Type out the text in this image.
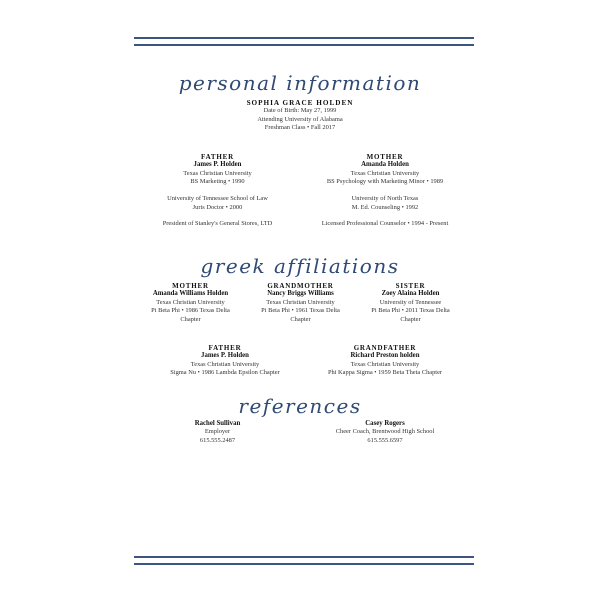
personal information
SOPHIA GRACE HOLDEN
Date of Birth: May 27, 1999
Attending University of Alabama
Freshman Class • Fall 2017
FATHER
James P. Holden
Texas Christian University
BS Marketing • 1990
University of Tennessee School of Law
Juris Doctor • 2000
President of Stanley's General Stores, LTD
MOTHER
Amanda Holden
Texas Christian University
BS Psychology with Marketing Minor • 1989
University of North Texas
M. Ed. Counseling • 1992
Licensed Professional Counselor • 1994 - Present
greek affiliations
MOTHER
Amanda Williams Holden
Texas Christian University
Pi Beta Phi • 1986 Texas Delta
Chapter
GRANDMOTHER
Nancy Briggs Williams
Texas Christian University
Pi Beta Phi • 1961 Texas Delta
Chapter
SISTER
Zoey Alaina Holden
University of Tennessee
Pi Beta Phi • 2011 Texas Delta
Chapter
FATHER
James P. Holden
Texas Christian University
Sigma Nu • 1986 Lambda Epsilon Chapter
GRANDFATHER
Richard Preston holden
Texas Christian University
Phi Kappa Sigma • 1959 Beta Theta Chapter
references
Rachel Sullivan
Employer
615.555.2487
Casey Rogers
Cheer Coach, Brentwood High School
615.555.6597
